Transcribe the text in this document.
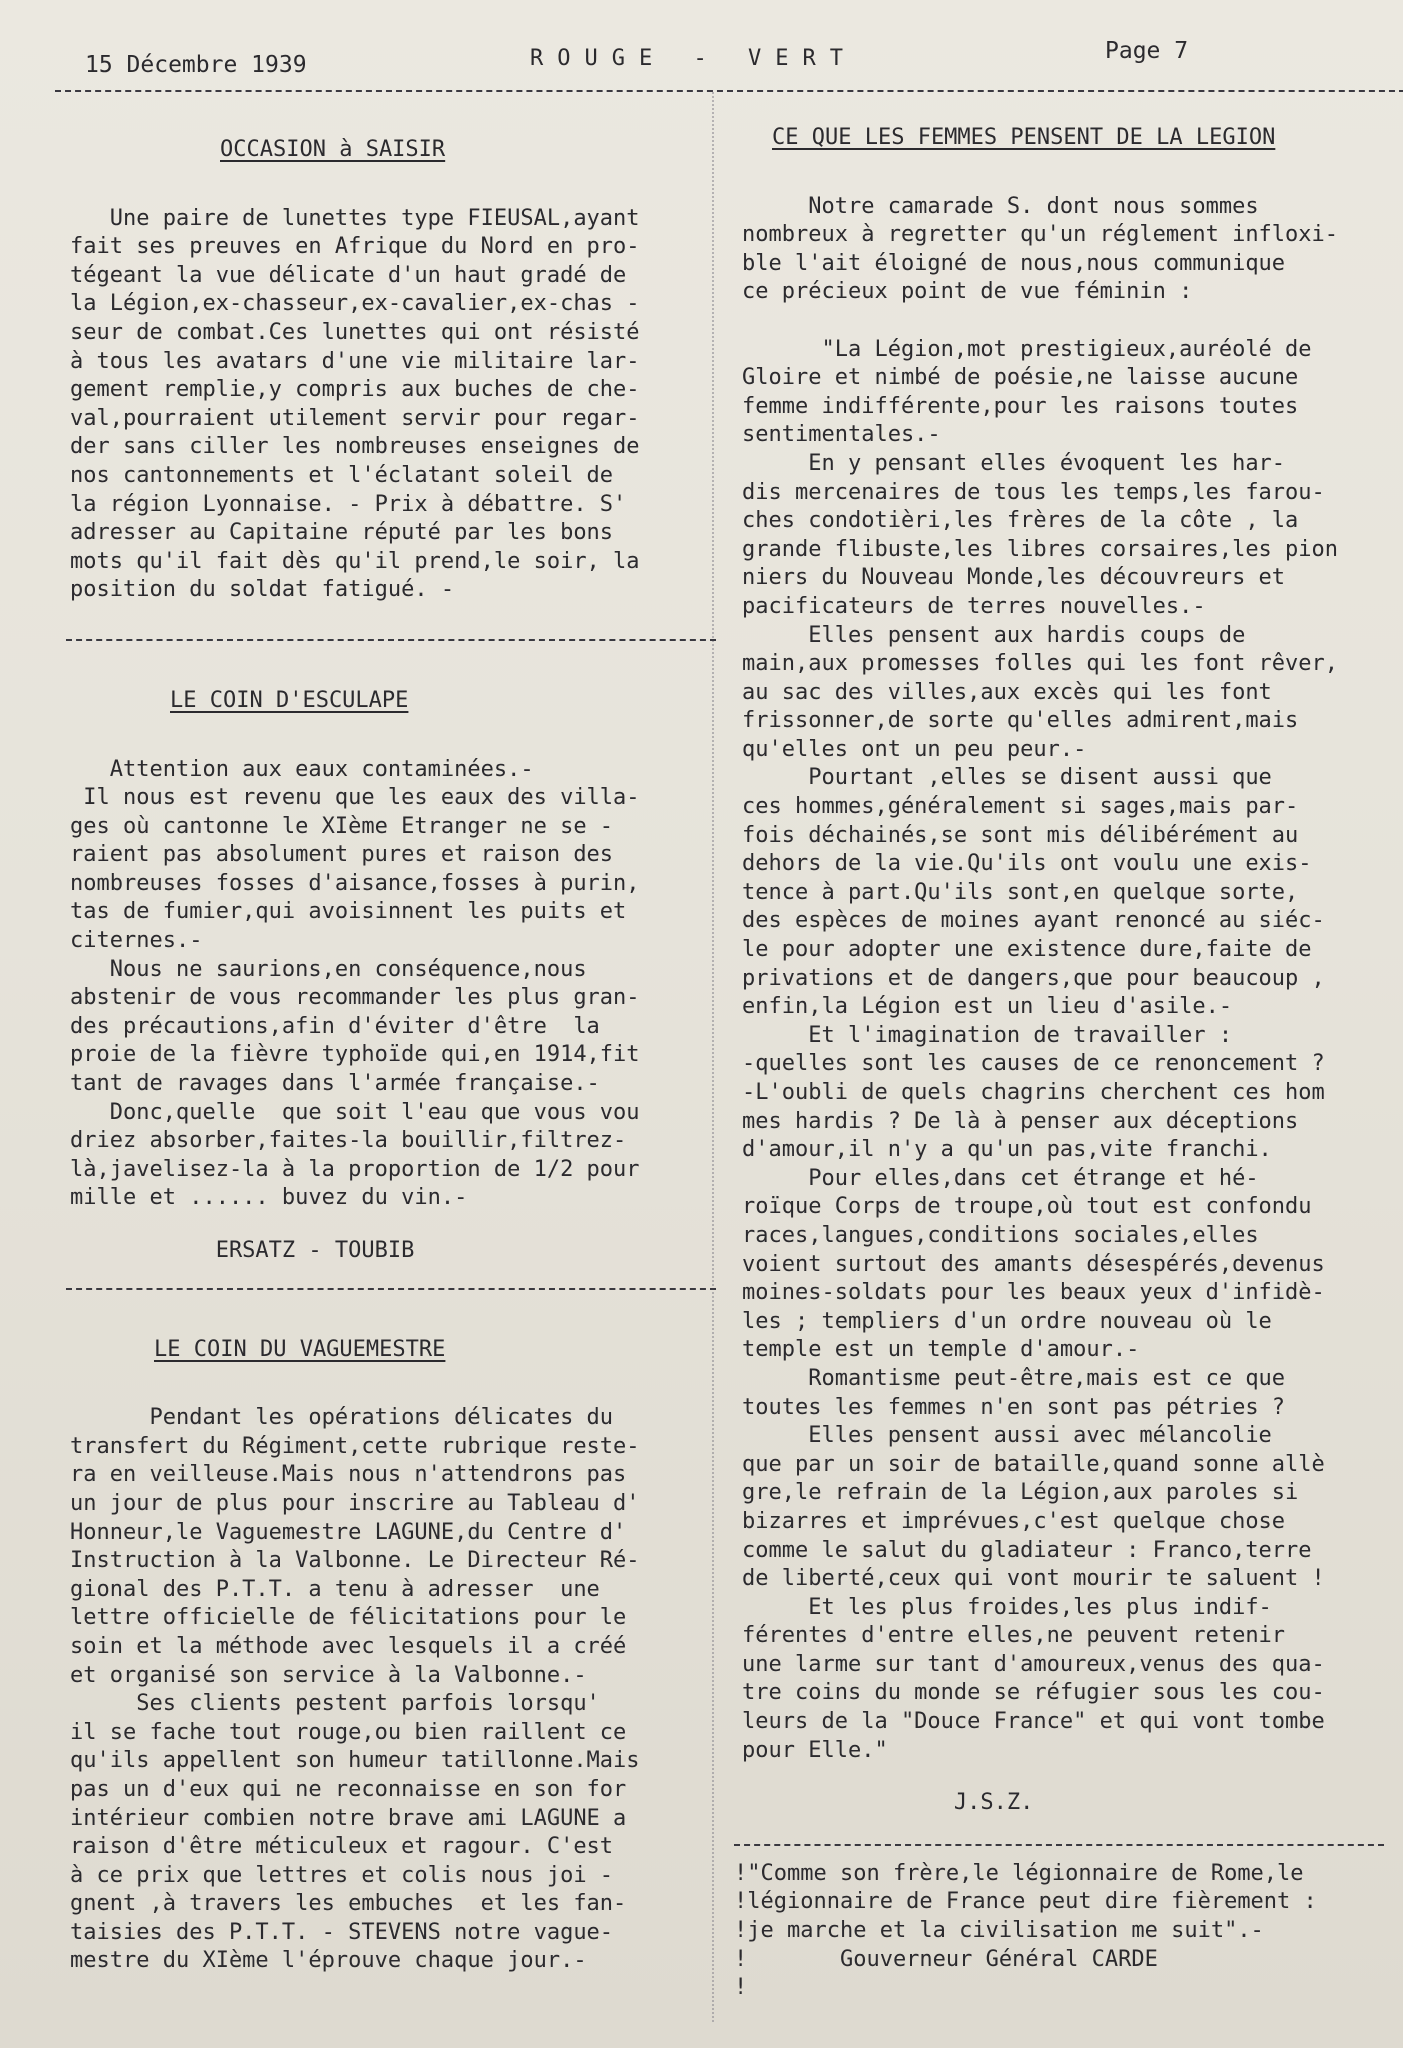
15 Décembre 1939	ROUGE - VERT	Page 7
OCCASION à SAISIR
Une paire de lunettes type FIEUSAL,ayant
fait ses preuves en Afrique du Nord en pro-
tégeant la vue délicate d'un haut gradé de
la Légion,ex-chasseur,ex-cavalier,ex-chas -
seur de combat.Ces lunettes qui ont résisté
à tous les avatars d'une vie militaire lar-
gement remplie,y compris aux buches de che-
val,pourraient utilement servir pour regar-
der sans ciller les nombreuses enseignes de
nos cantonnements et l'éclatant soleil de
la région Lyonnaise. - Prix à débattre. S'
adresser au Capitaine réputé par les bons
mots qu'il fait dès qu'il prend,le soir, la
position du soldat fatigué. -
LE COIN D'ESCULAPE
Attention aux eaux contaminées.-
Il nous est revenu que les eaux des villa-
ges où cantonne le XIème Etranger ne se -
raient pas absolument pures et raison des
nombreuses fosses d'aisance,fosses à purin,
tas de fumier,qui avoisinnent les puits et
citernes.-
Nous ne saurions,en conséquence,nous
abstenir de vous recommander les plus gran-
des précautions,afin d'éviter d'être  la
proie de la fièvre typhoïde qui,en 1914,fit
tant de ravages dans l'armée française.-
Donc,quelle  que soit l'eau que vous vou
driez absorber,faites-la bouillir,filtrez-
là,javelisez-la à la proportion de 1/2 pour
mille et ...... buvez du vin.-
ERSATZ - TOUBIB
LE COIN DU VAGUEMESTRE
Pendant les opérations délicates du
transfert du Régiment,cette rubrique reste-
ra en veilleuse.Mais nous n'attendrons pas
un jour de plus pour inscrire au Tableau d'
Honneur,le Vaguemestre LAGUNE,du Centre d'
Instruction à la Valbonne. Le Directeur Ré-
gional des P.T.T. a tenu à adresser  une
lettre officielle de félicitations pour le
soin et la méthode avec lesquels il a créé
et organisé son service à la Valbonne.-
Ses clients pestent parfois lorsqu'
il se fache tout rouge,ou bien raillent ce
qu'ils appellent son humeur tatillonne.Mais
pas un d'eux qui ne reconnaisse en son for
intérieur combien notre brave ami LAGUNE a
raison d'être méticuleux et ragour. C'est
à ce prix que lettres et colis nous joi -
gnent ,à travers les embuches  et les fan-
taisies des P.T.T. - STEVENS notre vague-
mestre du XIème l'éprouve chaque jour.-
CE QUE LES FEMMES PENSENT DE LA LEGION
Notre camarade S. dont nous sommes
nombreux à regretter qu'un réglement infloxi-
ble l'ait éloigné de nous,nous communique
ce précieux point de vue féminin :

"La Légion,mot prestigieux,auréolé de
Gloire et nimbé de poésie,ne laisse aucune
femme indifférente,pour les raisons toutes
sentimentales.-
En y pensant elles évoquent les har-
dis mercenaires de tous les temps,les farou-
ches condotièri,les frères de la côte , la
grande flibuste,les libres corsaires,les pion
niers du Nouveau Monde,les découvreurs et
pacificateurs de terres nouvelles.-
Elles pensent aux hardis coups de
main,aux promesses folles qui les font rêver,
au sac des villes,aux excès qui les font
frissonner,de sorte qu'elles admirent,mais
qu'elles ont un peu peur.-
Pourtant ,elles se disent aussi que
ces hommes,généralement si sages,mais par-
fois déchainés,se sont mis délibérément au
dehors de la vie.Qu'ils ont voulu une exis-
tence à part.Qu'ils sont,en quelque sorte,
des espèces de moines ayant renoncé au siéc-
le pour adopter une existence dure,faite de
privations et de dangers,que pour beaucoup ,
enfin,la Légion est un lieu d'asile.-
Et l'imagination de travailler :
-quelles sont les causes de ce renoncement ?
-L'oubli de quels chagrins cherchent ces hom
mes hardis ? De là à penser aux déceptions
d'amour,il n'y a qu'un pas,vite franchi.
Pour elles,dans cet étrange et hé-
roïque Corps de troupe,où tout est confondu
races,langues,conditions sociales,elles
voient surtout des amants désespérés,devenus
moines-soldats pour les beaux yeux d'infidè-
les ; templiers d'un ordre nouveau où le
temple est un temple d'amour.-
Romantisme peut-être,mais est ce que
toutes les femmes n'en sont pas pétries ?
Elles pensent aussi avec mélancolie
que par un soir de bataille,quand sonne allè
gre,le refrain de la Légion,aux paroles si
bizarres et imprévues,c'est quelque chose
comme le salut du gladiateur : Franco,terre
de liberté,ceux qui vont mourir te saluent !
Et les plus froides,les plus indif-
férentes d'entre elles,ne peuvent retenir
une larme sur tant d'amoureux,venus des qua-
tre coins du monde se réfugier sous les cou-
leurs de la "Douce France" et qui vont tombe
pour Elle."
J.S.Z.
!"Comme son frère,le légionnaire de Rome,le
!légionnaire de France peut dire fièrement :
!je marche et la civilisation me suit".-
!       Gouverneur Général CARDE
!
